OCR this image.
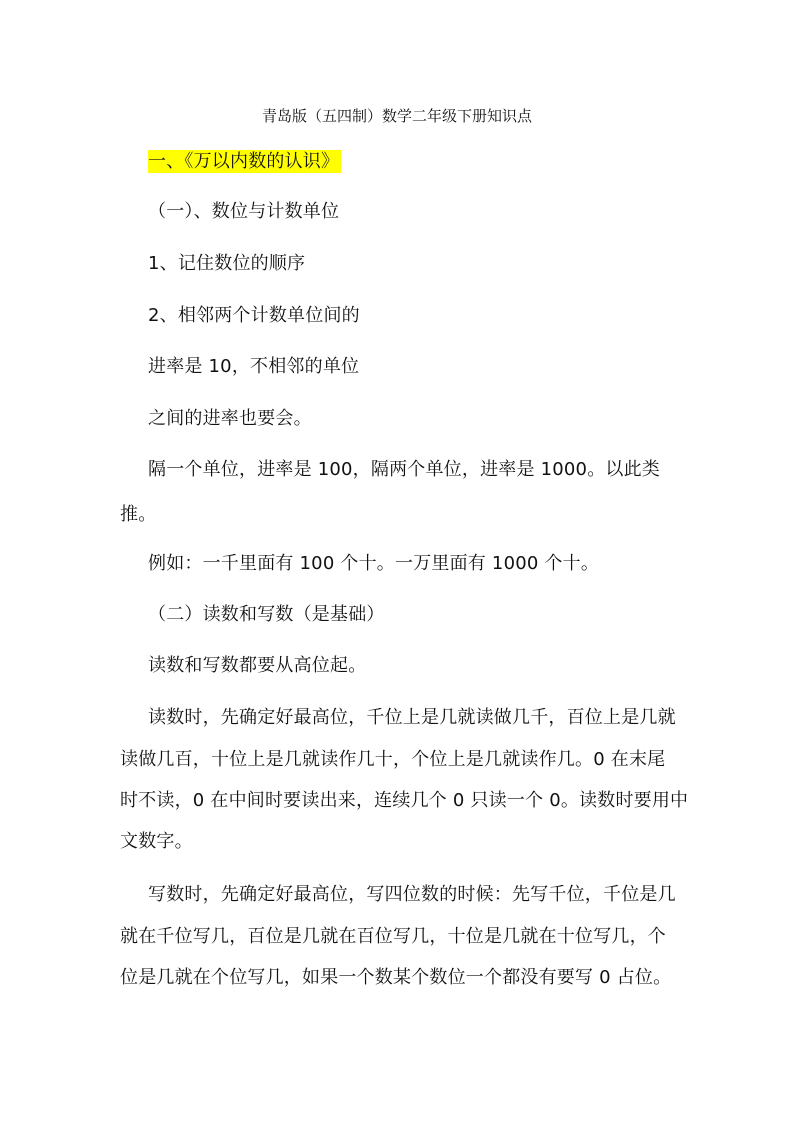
青岛版（五四制）数学二年级下册知识点
一、《万以内数的认识》
（一）、数位与计数单位
1、记住数位的顺序
2、相邻两个计数单位间的
进率是 10，不相邻的单位
之间的进率也要会。
隔一个单位，进率是 100，隔两个单位，进率是 1000。以此类
推。
例如：一千里面有 100 个十。一万里面有 1000 个十。
（二）读数和写数（是基础）
读数和写数都要从高位起。
读数时，先确定好最高位，千位上是几就读做几千，百位上是几就
读做几百，十位上是几就读作几十，个位上是几就读作几。0 在末尾
时不读，0 在中间时要读出来，连续几个 0 只读一个 0。读数时要用中
文数字。
写数时，先确定好最高位，写四位数的时候：先写千位，千位是几
就在千位写几，百位是几就在百位写几，十位是几就在十位写几，个
位是几就在个位写几，如果一个数某个数位一个都没有要写 0 占位。
